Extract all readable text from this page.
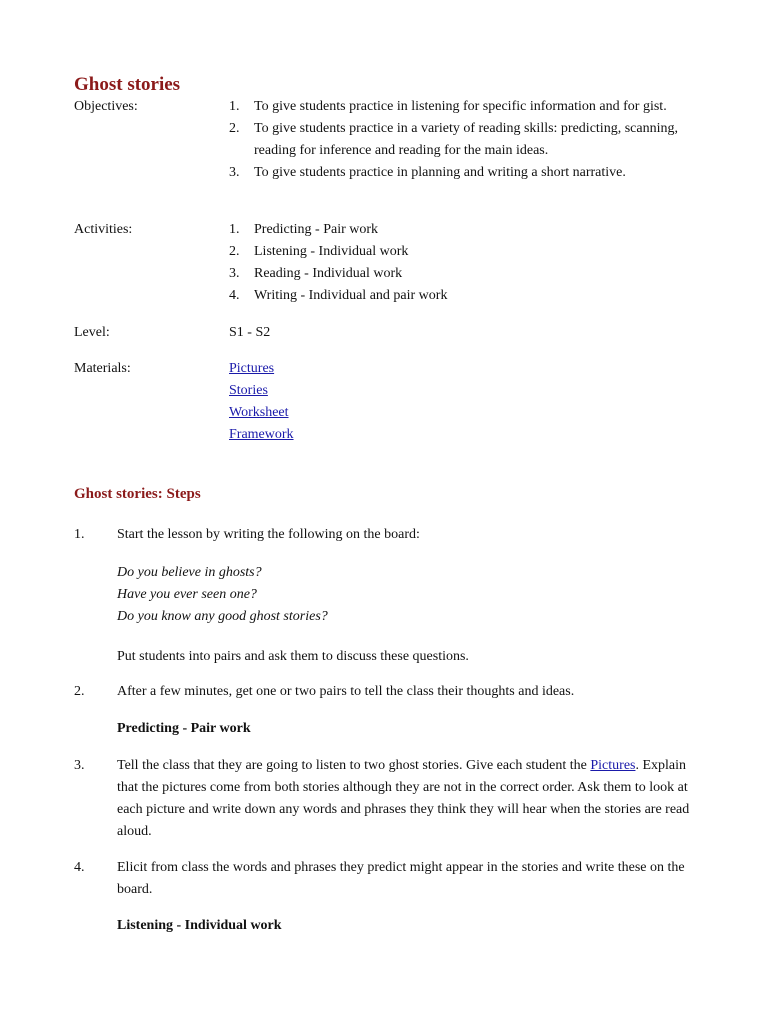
Ghost stories
Objectives:	1.	To give students practice in listening for specific information and for gist.
2.	To give students practice in a variety of reading skills: predicting, scanning, reading for inference and reading for the main ideas.
3.	To give students practice in planning and writing a short narrative.
Activities:	1.	Predicting - Pair work
2.	Listening - Individual work
3.	Reading - Individual work
4.	Writing - Individual and pair work
Level:	S1 - S2
Materials:	Pictures
Stories
Worksheet
Framework
Ghost stories: Steps
1. Start the lesson by writing the following on the board:
Do you believe in ghosts?
Have you ever seen one?
Do you know any good ghost stories?
Put students into pairs and ask them to discuss these questions.
2. After a few minutes, get one or two pairs to tell the class their thoughts and ideas.
Predicting - Pair work
3. Tell the class that they are going to listen to two ghost stories. Give each student the Pictures. Explain that the pictures come from both stories although they are not in the correct order. Ask them to look at each picture and write down any words and phrases they think they will hear when the stories are read aloud.
4. Elicit from class the words and phrases they predict might appear in the stories and write these on the board.
Listening - Individual work
